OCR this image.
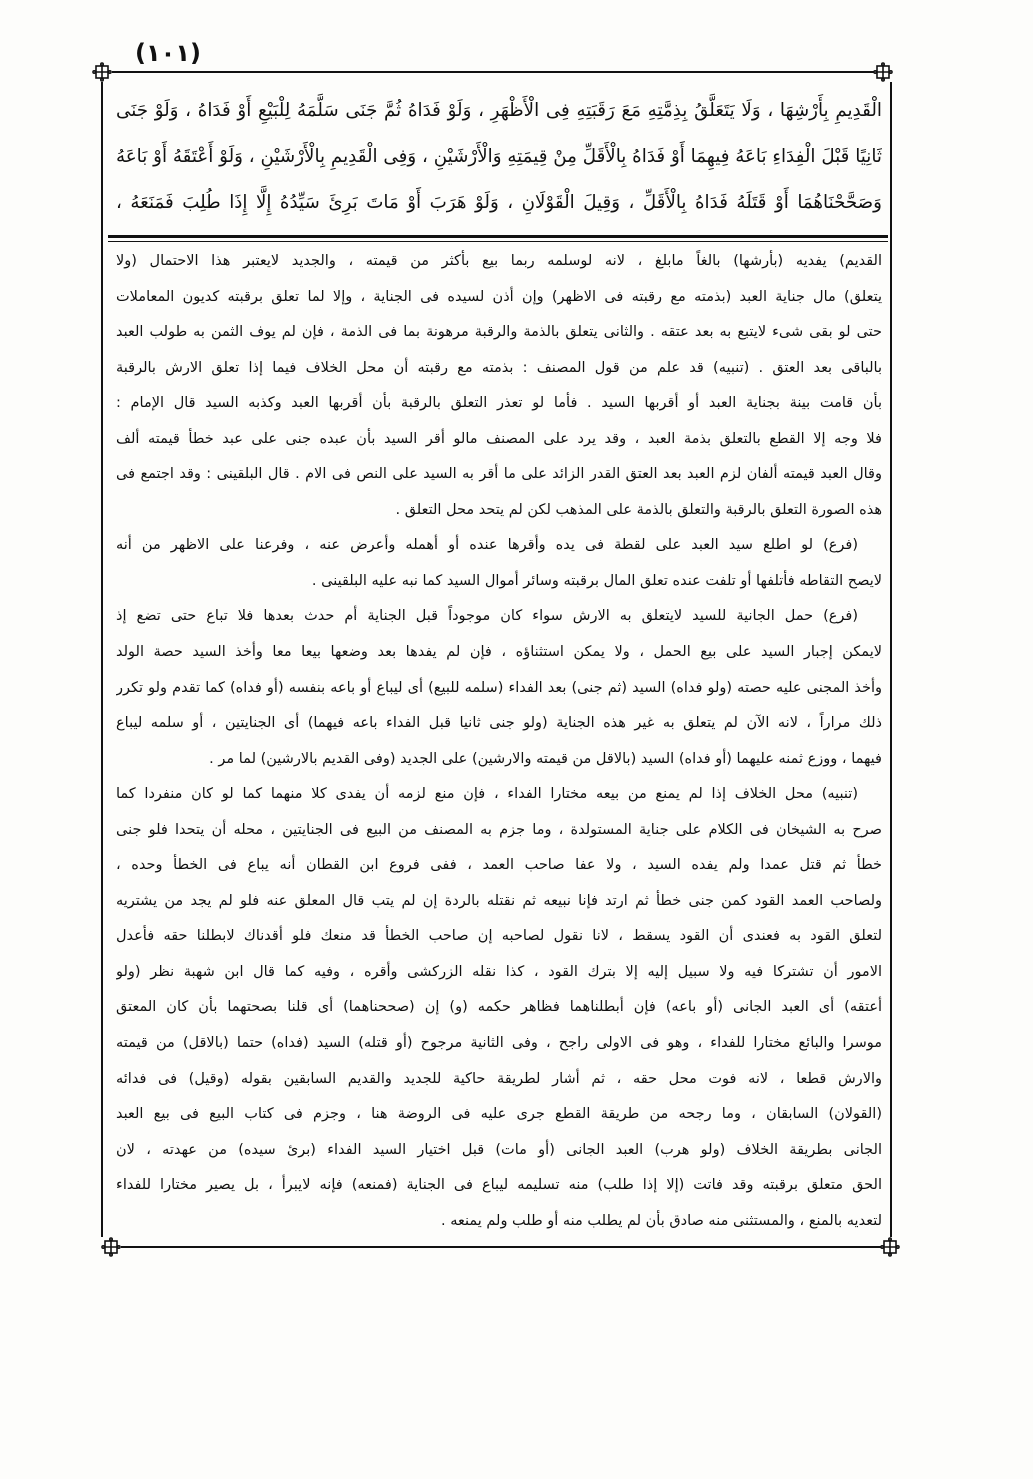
(١٠١)
الْقَدِيمِ بِأَرْشِهَا ، وَلَا يَتَعَلَّقُ بِذِمَّتِهِ مَعَ رَقَبَتِهِ فِى الْأَظْهَرِ ، وَلَوْ فَدَاهُ ثُمَّ جَنَى سَلَّمَهُ لِلْبَيْعِ أَوْ فَدَاهُ ، وَلَوْ جَنَى
ثَانِيًا قَبْلَ الْفِدَاءِ بَاعَهُ فِيهِمَا أَوْ فَدَاهُ بِالْأَقَلِّ مِنْ قِيمَتِهِ وَالْأَرْشَيْنِ ، وَفِى الْقَدِيمِ بِالْأَرْشَيْنِ ، وَلَوْ أَعْتَقَهُ أَوْ بَاعَهُ
وَصَحَّحْنَاهُمَا أَوْ قَتَلَهُ فَدَاهُ بِالْأَقَلِّ ، وَقِيلَ الْقَوْلَانِ ، وَلَوْ هَرَبَ أَوْ مَاتَ بَرِئَ سَيِّدُهُ إِلَّا إِذَا طُلِبَ فَمَنَعَهُ ،
القديم) يفديه (بأرشها) بالغاً مابلغ ، لانه لوسلمه ربما بيع بأكثر من قيمته ، والجديد لايعتبر هذا الاحتمال (ولا
يتعلق) مال جناية العبد (بذمته مع رقبته فى الاظهر) وإن أذن لسيده فى الجناية ، وإلا لما تعلق برقبته كديون المعاملات
حتى لو بقى شىء لايتبع به بعد عتقه . والثانى يتعلق بالذمة والرقبة مرهونة بما فى الذمة ، فإن لم يوف الثمن به طولب العبد
بالباقى بعد العتق . (تنبيه) قد علم من قول المصنف : بذمته مع رقبته أن محل الخلاف فيما إذا تعلق الارش بالرقبة
بأن قامت بينة بجناية العبد أو أقربها السيد . فأما لو تعذر التعلق بالرقبة بأن أقربها العبد وكذبه السيد قال الإمام :
فلا وجه إلا القطع بالتعلق بذمة العبد ، وقد يرد على المصنف مالو أقر السيد بأن عبده جنى على عبد خطأ قيمته ألف
وقال العبد قيمته ألفان لزم العبد بعد العتق القدر الزائد على ما أقر به السيد على النص فى الام . قال البلقينى : وقد اجتمع فى
هذه الصورة التعلق بالرقبة والتعلق بالذمة على المذهب لكن لم يتحد محل التعلق .
(فرع) لو اطلع سيد العبد على لقطة فى يده وأقرها عنده أو أهمله وأعرض عنه ، وفرعنا على الاظهر من أنه
لايصح التقاطه فأتلفها أو تلفت عنده تعلق المال برقبته وسائر أموال السيد كما نبه عليه البلقينى .
(فرع) حمل الجانية للسيد لايتعلق به الارش سواء كان موجوداً قبل الجناية أم حدث بعدها فلا تباع حتى تضع إذ
لايمكن إجبار السيد على بيع الحمل ، ولا يمكن استثناؤه ، فإن لم يفدها بعد وضعها بيعا معا وأخذ السيد حصة الولد
وأخذ المجنى عليه حصته (ولو فداه) السيد (ثم جنى) بعد الفداء (سلمه للبيع) أى ليباع أو باعه بنفسه (أو فداه) كما تقدم ولو تكرر
ذلك مراراً ، لانه الآن لم يتعلق به غير هذه الجناية (ولو جنى ثانيا قبل الفداء باعه فيهما) أى الجنايتين ، أو سلمه ليباع
فيهما ، ووزع ثمنه عليهما (أو فداه) السيد (بالاقل من قيمته والارشين) على الجديد (وفى القديم بالارشين) لما مر .
(تنبيه) محل الخلاف إذا لم يمنع من بيعه مختارا الفداء ، فإن منع لزمه أن يفدى كلا منهما كما لو كان منفردا كما
صرح به الشيخان فى الكلام على جناية المستولدة ، وما جزم به المصنف من البيع فى الجنايتين ، محله أن يتحدا فلو جنى
خطأ ثم قتل عمدا ولم يفده السيد ، ولا عفا صاحب العمد ، ففى فروع ابن القطان أنه يباع فى الخطأ وحده ،
ولصاحب العمد القود كمن جنى خطأ ثم ارتد فإنا نبيعه ثم نقتله بالردة إن لم يتب قال المعلق عنه فلو لم يجد من يشتريه
لتعلق القود به فعندى أن القود يسقط ، لانا نقول لصاحبه إن صاحب الخطأ قد منعك فلو أقدناك لابطلنا حقه فأعدل
الامور أن تشتركا فيه ولا سبيل إليه إلا بترك القود ، كذا نقله الزركشى وأقره ، وفيه كما قال ابن شهبة نظر (ولو
أعتقه) أى العبد الجانى (أو باعه) فإن أبطلناهما فظاهر حكمه (و) إن (صححناهما) أى قلنا بصحتهما بأن كان المعتق
موسرا والبائع مختارا للفداء ، وهو فى الاولى راجح ، وفى الثانية مرجوح (أو قتله) السيد (فداه) حتما (بالاقل) من قيمته
والارش قطعا ، لانه فوت محل حقه ، ثم أشار لطريقة حاكية للجديد والقديم السابقين بقوله (وقيل) فى فدائه
(القولان) السابقان ، وما رجحه من طريقة القطع جرى عليه فى الروضة هنا ، وجزم فى كتاب البيع فى بيع العبد
الجانى بطريقة الخلاف (ولو هرب) العبد الجانى (أو مات) قبل اختيار السيد الفداء (برئ سيده) من عهدته ، لان
الحق متعلق برقبته وقد فاتت (إلا إذا طلب) منه تسليمه ليباع فى الجناية (فمنعه) فإنه لايبرأ ، بل يصير مختارا للفداء
لتعديه بالمنع ، والمستثنى منه صادق بأن لم يطلب منه أو طلب ولم يمنعه .
